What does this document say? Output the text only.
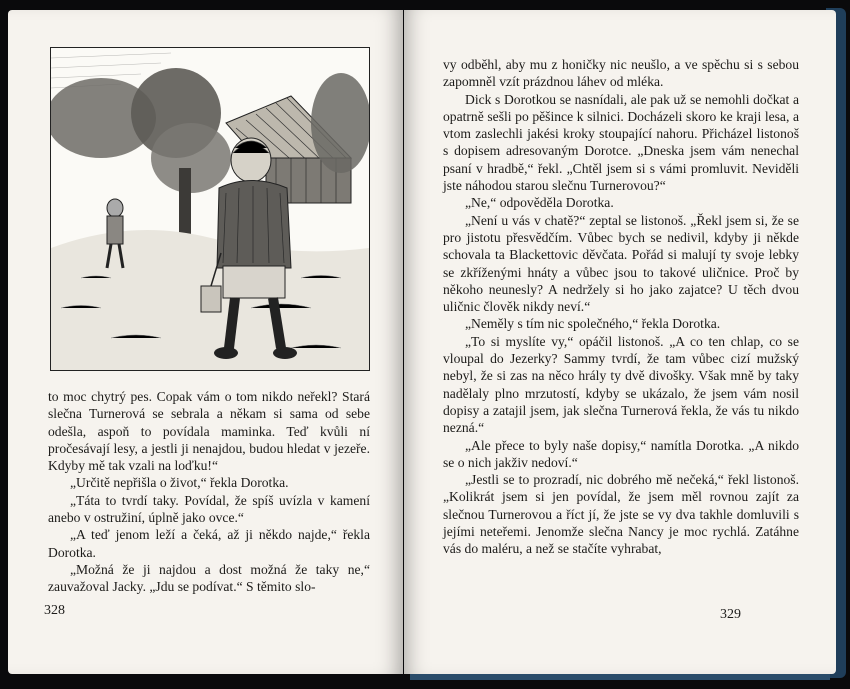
to moc chytrý pes. Copak vám o tom nikdo neřekl? Stará slečna Turnerová se sebrala a někam si sama od sebe odešla, aspoň to povídala maminka. Teď kvůli ní pročesávají lesy, a jestli ji nenajdou, budou hledat v jezeře. Kdyby mě tak vzali na loďku!“

„Určitě nepřišla o život,“ řekla Dorotka.

„Táta to tvrdí taky. Povídal, že spíš uvízla v kamení anebo v ostružiní, úplně jako ovce.“

„A teď jenom leží a čeká, až ji někdo najde,“ řekla Dorotka.

„Možná že ji najdou a dost možná že taky ne,“ zauvažoval Jacky. „Jdu se podívat.“ S těmito slo-

328

vy odběhl, aby mu z honičky nic neušlo, a ve spěchu si s sebou zapomněl vzít prázdnou láhev od mléka.

Dick s Dorotkou se nasnídali, ale pak už se nemohli dočkat a opatrně sešli po pěšince k silnici. Docházeli skoro ke kraji lesa, a vtom zaslechli jakési kroky stoupající nahoru. Přicházel listonoš s dopisem adresovaným Dorotce. „Dneska jsem vám nenechal psaní v hradbě,“ řekl. „Chtěl jsem si s vámi promluvit. Neviděli jste náhodou starou slečnu Turnerovou?“

„Ne,“ odpověděla Dorotka.

„Není u vás v chatě?“ zeptal se listonoš. „Řekl jsem si, že se pro jistotu přesvědčím. Vůbec bych se nedivil, kdyby ji někde schovala ta Blackettovic děvčata. Pořád si malují ty svoje lebky se zkříženými hnáty a vůbec jsou to takové uličnice. Proč by někoho neunesly? A nedržely si ho jako zajatce? U těch dvou uličnic člověk nikdy neví.“

„Neměly s tím nic společného,“ řekla Dorotka.

„To si myslíte vy,“ opáčil listonoš. „A co ten chlap, co se vloupal do Jezerky? Sammy tvrdí, že tam vůbec cizí mužský nebyl, že si zas na něco hrály ty dvě divošky. Však mně by taky nadělaly plno mrzutostí, kdyby se ukázalo, že jsem vám nosil dopisy a zatajil jsem, jak slečna Turnerová řekla, že vás tu nikdo nezná.“

„Ale přece to byly naše dopisy,“ namítla Dorotka. „A nikdo se o nich jakživ nedoví.“

„Jestli se to prozradí, nic dobrého mě nečeká,“ řekl listonoš. „Kolikrát jsem si jen povídal, že jsem měl rovnou zajít za slečnou Turnerovou a říct jí, že jste se vy dva takhle domluvili s jejími neteřemi. Jenomže slečna Nancy je moc rychlá. Zatáhne vás do maléru, a než se stačíte vyhrabat,

329
